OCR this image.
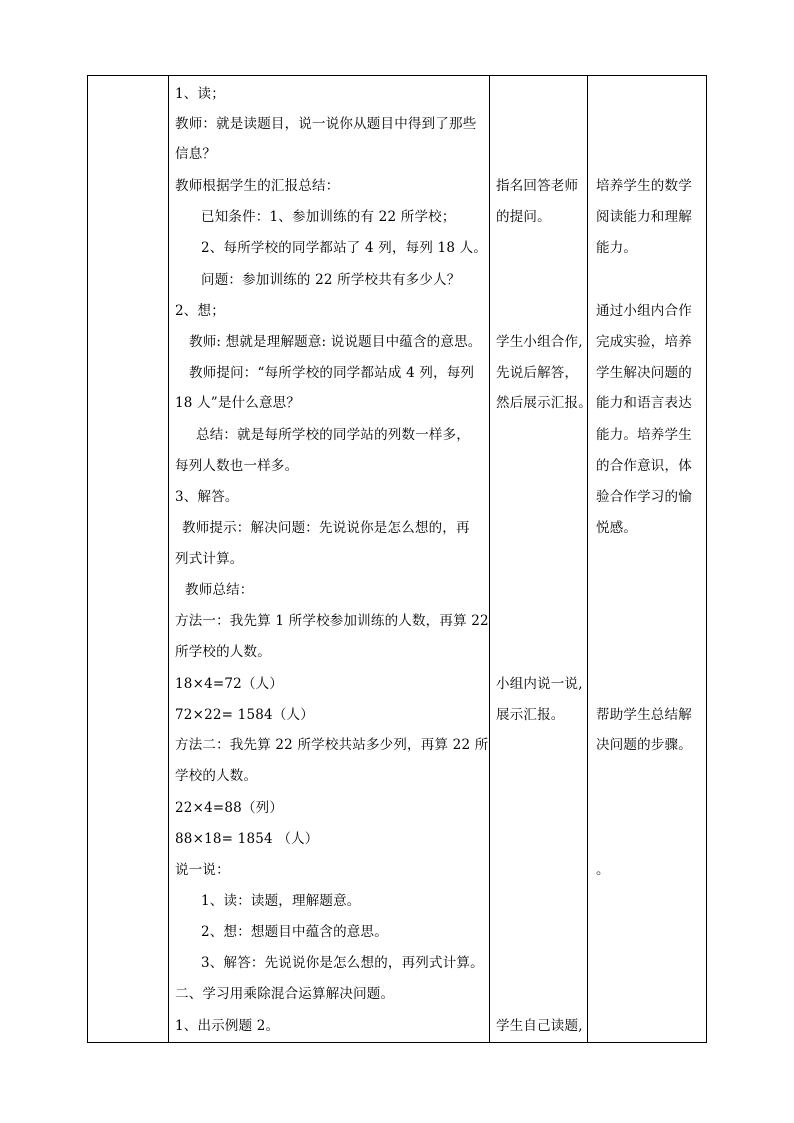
1、读；
教师：就是读题目，说一说你从题目中得到了那些
信息？
教师根据学生的汇报总结：
已知条件：1、参加训练的有 22 所学校；
2、每所学校的同学都站了 4 列，每列 18 人。
问题：参加训练的 22 所学校共有多少人？
2、想；
教师: 想就是理解题意: 说说题目中蕴含的意思。
教师提问：“每所学校的同学都站成 4 列，每列
18 人”是什么意思？
总结：就是每所学校的同学站的列数一样多，
每列人数也一样多。
3、解答。
教师提示：解决问题：先说说你是怎么想的，再
列式计算。
教师总结：
方法一：我先算 1 所学校参加训练的人数，再算 22
所学校的人数。
18×4=72（人）
72×22= 1584（人）
方法二：我先算 22 所学校共站多少列，再算 22 所
学校的人数。
22×4=88（列）
88×18= 1854 （人）
说一说：
1、读：读题，理解题意。
2、想：想题目中蕴含的意思。
3、解答：先说说你是怎么想的，再列式计算。
二、学习用乘除混合运算解决问题。
1、出示例题 2。
指名回答老师
的提问。
学生小组合作,
先说后解答，
然后展示汇报。
小组内说一说,
展示汇报。
学生自己读题,
培养学生的数学
阅读能力和理解
能力。
通过小组内合作
完成实验，培养
学生解决问题的
能力和语言表达
能力。培养学生
的合作意识，体
验合作学习的愉
悦感。
帮助学生总结解
决问题的步骤。
。
